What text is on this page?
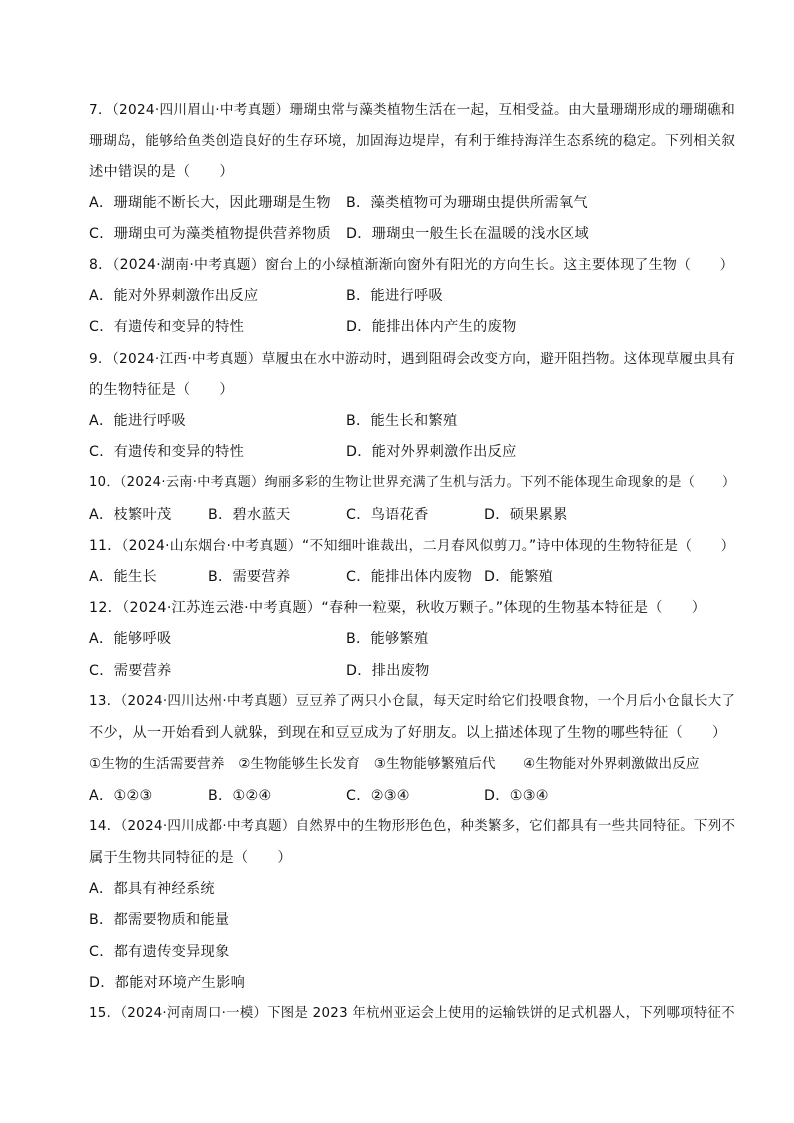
7．（2024·四川眉山·中考真题）珊瑚虫常与藻类植物生活在一起，互相受益。由大量珊瑚形成的珊瑚礁和
珊瑚岛，能够给鱼类创造良好的生存环境，加固海边堤岸，有利于维持海洋生态系统的稳定。下列相关叙
述中错误的是（　　）
A．珊瑚能不断长大，因此珊瑚是生物 B．藻类植物可为珊瑚虫提供所需氧气
C．珊瑚虫可为藻类植物提供营养物质 D．珊瑚虫一般生长在温暖的浅水区域
8．（2024·湖南·中考真题）窗台上的小绿植渐渐向窗外有阳光的方向生长。这主要体现了生物（　　）
A．能对外界刺激作出反应	B．能进行呼吸
C．有遗传和变异的特性	D．能排出体内产生的废物
9．（2024·江西·中考真题）草履虫在水中游动时，遇到阻碍会改变方向，避开阻挡物。这体现草履虫具有
的生物特征是（　　）
A．能进行呼吸	B．能生长和繁殖
C．有遗传和变异的特性	D．能对外界刺激作出反应
10．（2024·云南·中考真题）绚丽多彩的生物让世界充满了生机与活力。下列不能体现生命现象的是（　　）
A．枝繁叶茂	B．碧水蓝天	C．鸟语花香	D．硕果累累
11．（2024·山东烟台·中考真题）“不知细叶谁裁出，二月春风似剪刀。”诗中体现的生物特征是（　　）
A．能生长	B．需要营养	C．能排出体内废物 D．能繁殖
12．（2024·江苏连云港·中考真题）“春种一粒粟，秋收万颗子。”体现的生物基本特征是（　　）
A．能够呼吸	B．能够繁殖
C．需要营养	D．排出废物
13．（2024·四川达州·中考真题）豆豆养了两只小仓鼠，每天定时给它们投喂食物，一个月后小仓鼠长大了
不少，从一开始看到人就躲，到现在和豆豆成为了好朋友。以上描述体现了生物的哪些特征（　　）
①生物的生活需要营养　②生物能够生长发育　③生物能够繁殖后代　　④生物能对外界刺激做出反应
A．①②③	B．①②④	C．②③④	D．①③④
14．（2024·四川成都·中考真题）自然界中的生物形形色色，种类繁多，它们都具有一些共同特征。下列不
属于生物共同特征的是（　　）
A．都具有神经系统
B．都需要物质和能量
C．都有遗传变异现象
D．都能对环境产生影响
15．（2024·河南周口·一模）下图是 2023 年杭州亚运会上使用的运输铁饼的足式机器人，下列哪项特征不
